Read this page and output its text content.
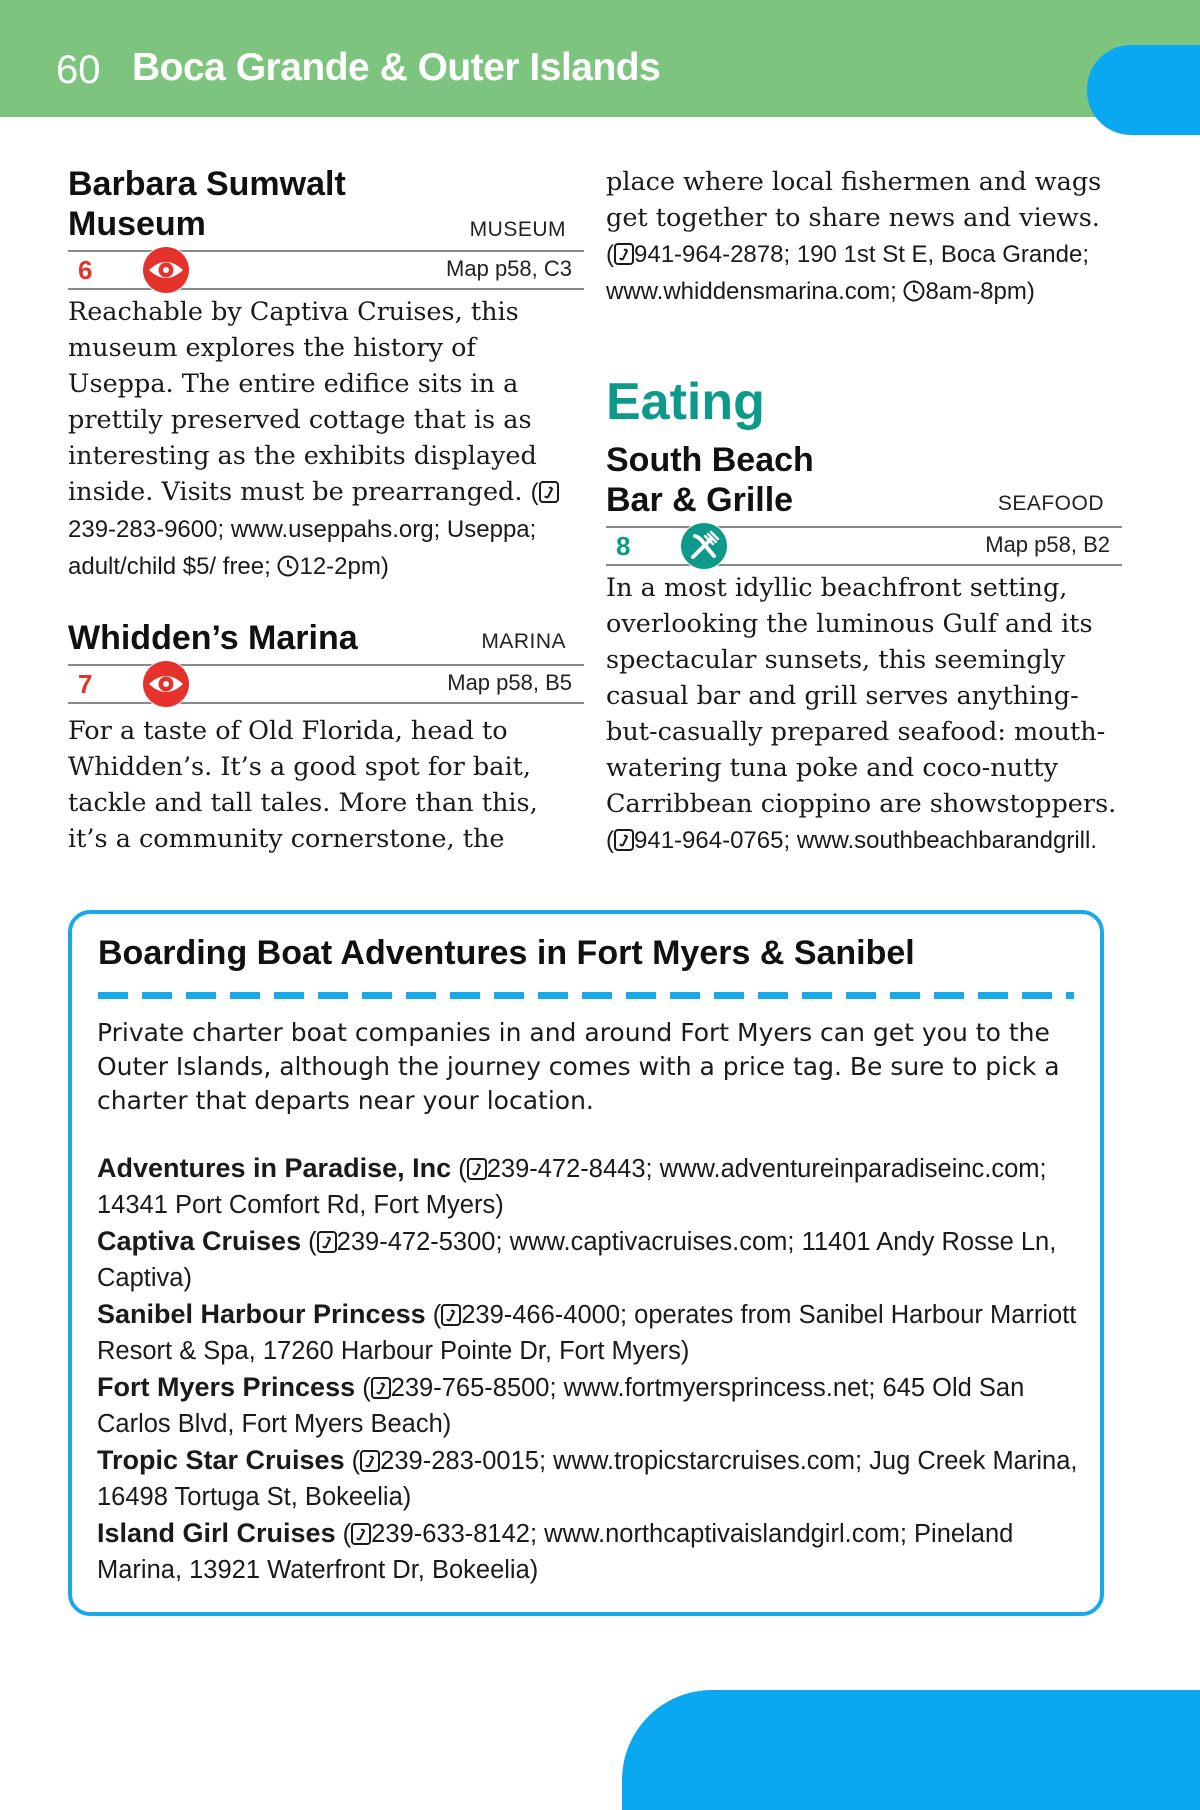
60 Boca Grande & Outer Islands
Barbara Sumwalt
Museum	MUSEUM
6	Map p58, C3

Reachable by Captiva Cruises, this museum explores the history of Useppa. The entire edifice sits in a prettily preserved cottage that is as interesting as the exhibits displayed inside. Visits must be prearranged. (239-283-9600; www.useppahs.org; Useppa; adult/child $5/ free; 12-2pm)

Whidden’s Marina	MARINA
7	Map p58, B5

For a taste of Old Florida, head to Whidden’s. It’s a good spot for bait, tackle and tall tales. More than this, it’s a community cornerstone, the

place where local fishermen and wags get together to share news and views. ( 941-964-2878; 190 1st St E, Boca Grande; www.whiddensmarina.com; 8am-8pm)

Eating
South Beach
Bar & Grille	SEAFOOD
8	Map p58, B2

In a most idyllic beachfront setting, overlooking the luminous Gulf and its spectacular sunsets, this seemingly casual bar and grill serves anything-but-casually prepared seafood: mouth-watering tuna poke and coco-nutty Carribbean cioppino are showstoppers. ( 941-964-0765; www.southbeachbarandgrill.

Boarding Boat Adventures in Fort Myers & Sanibel

Private charter boat companies in and around Fort Myers can get you to the Outer Islands, although the journey comes with a price tag. Be sure to pick a charter that departs near your location.

Adventures in Paradise, Inc ( 239-472-8443; www.adventureinparadiseinc.com; 14341 Port Comfort Rd, Fort Myers)
Captiva Cruises ( 239-472-5300; www.captivacruises.com; 11401 Andy Rosse Ln, Captiva)
Sanibel Harbour Princess ( 239-466-4000; operates from Sanibel Harbour Marriott Resort & Spa, 17260 Harbour Pointe Dr, Fort Myers)
Fort Myers Princess ( 239-765-8500; www.fortmyersprincess.net; 645 Old San Carlos Blvd, Fort Myers Beach)
Tropic Star Cruises ( 239-283-0015; www.tropicstarcruises.com; Jug Creek Marina, 16498 Tortuga St, Bokeelia)
Island Girl Cruises ( 239-633-8142; www.northcaptivaislandgirl.com; Pineland Marina, 13921 Waterfront Dr, Bokeelia)
